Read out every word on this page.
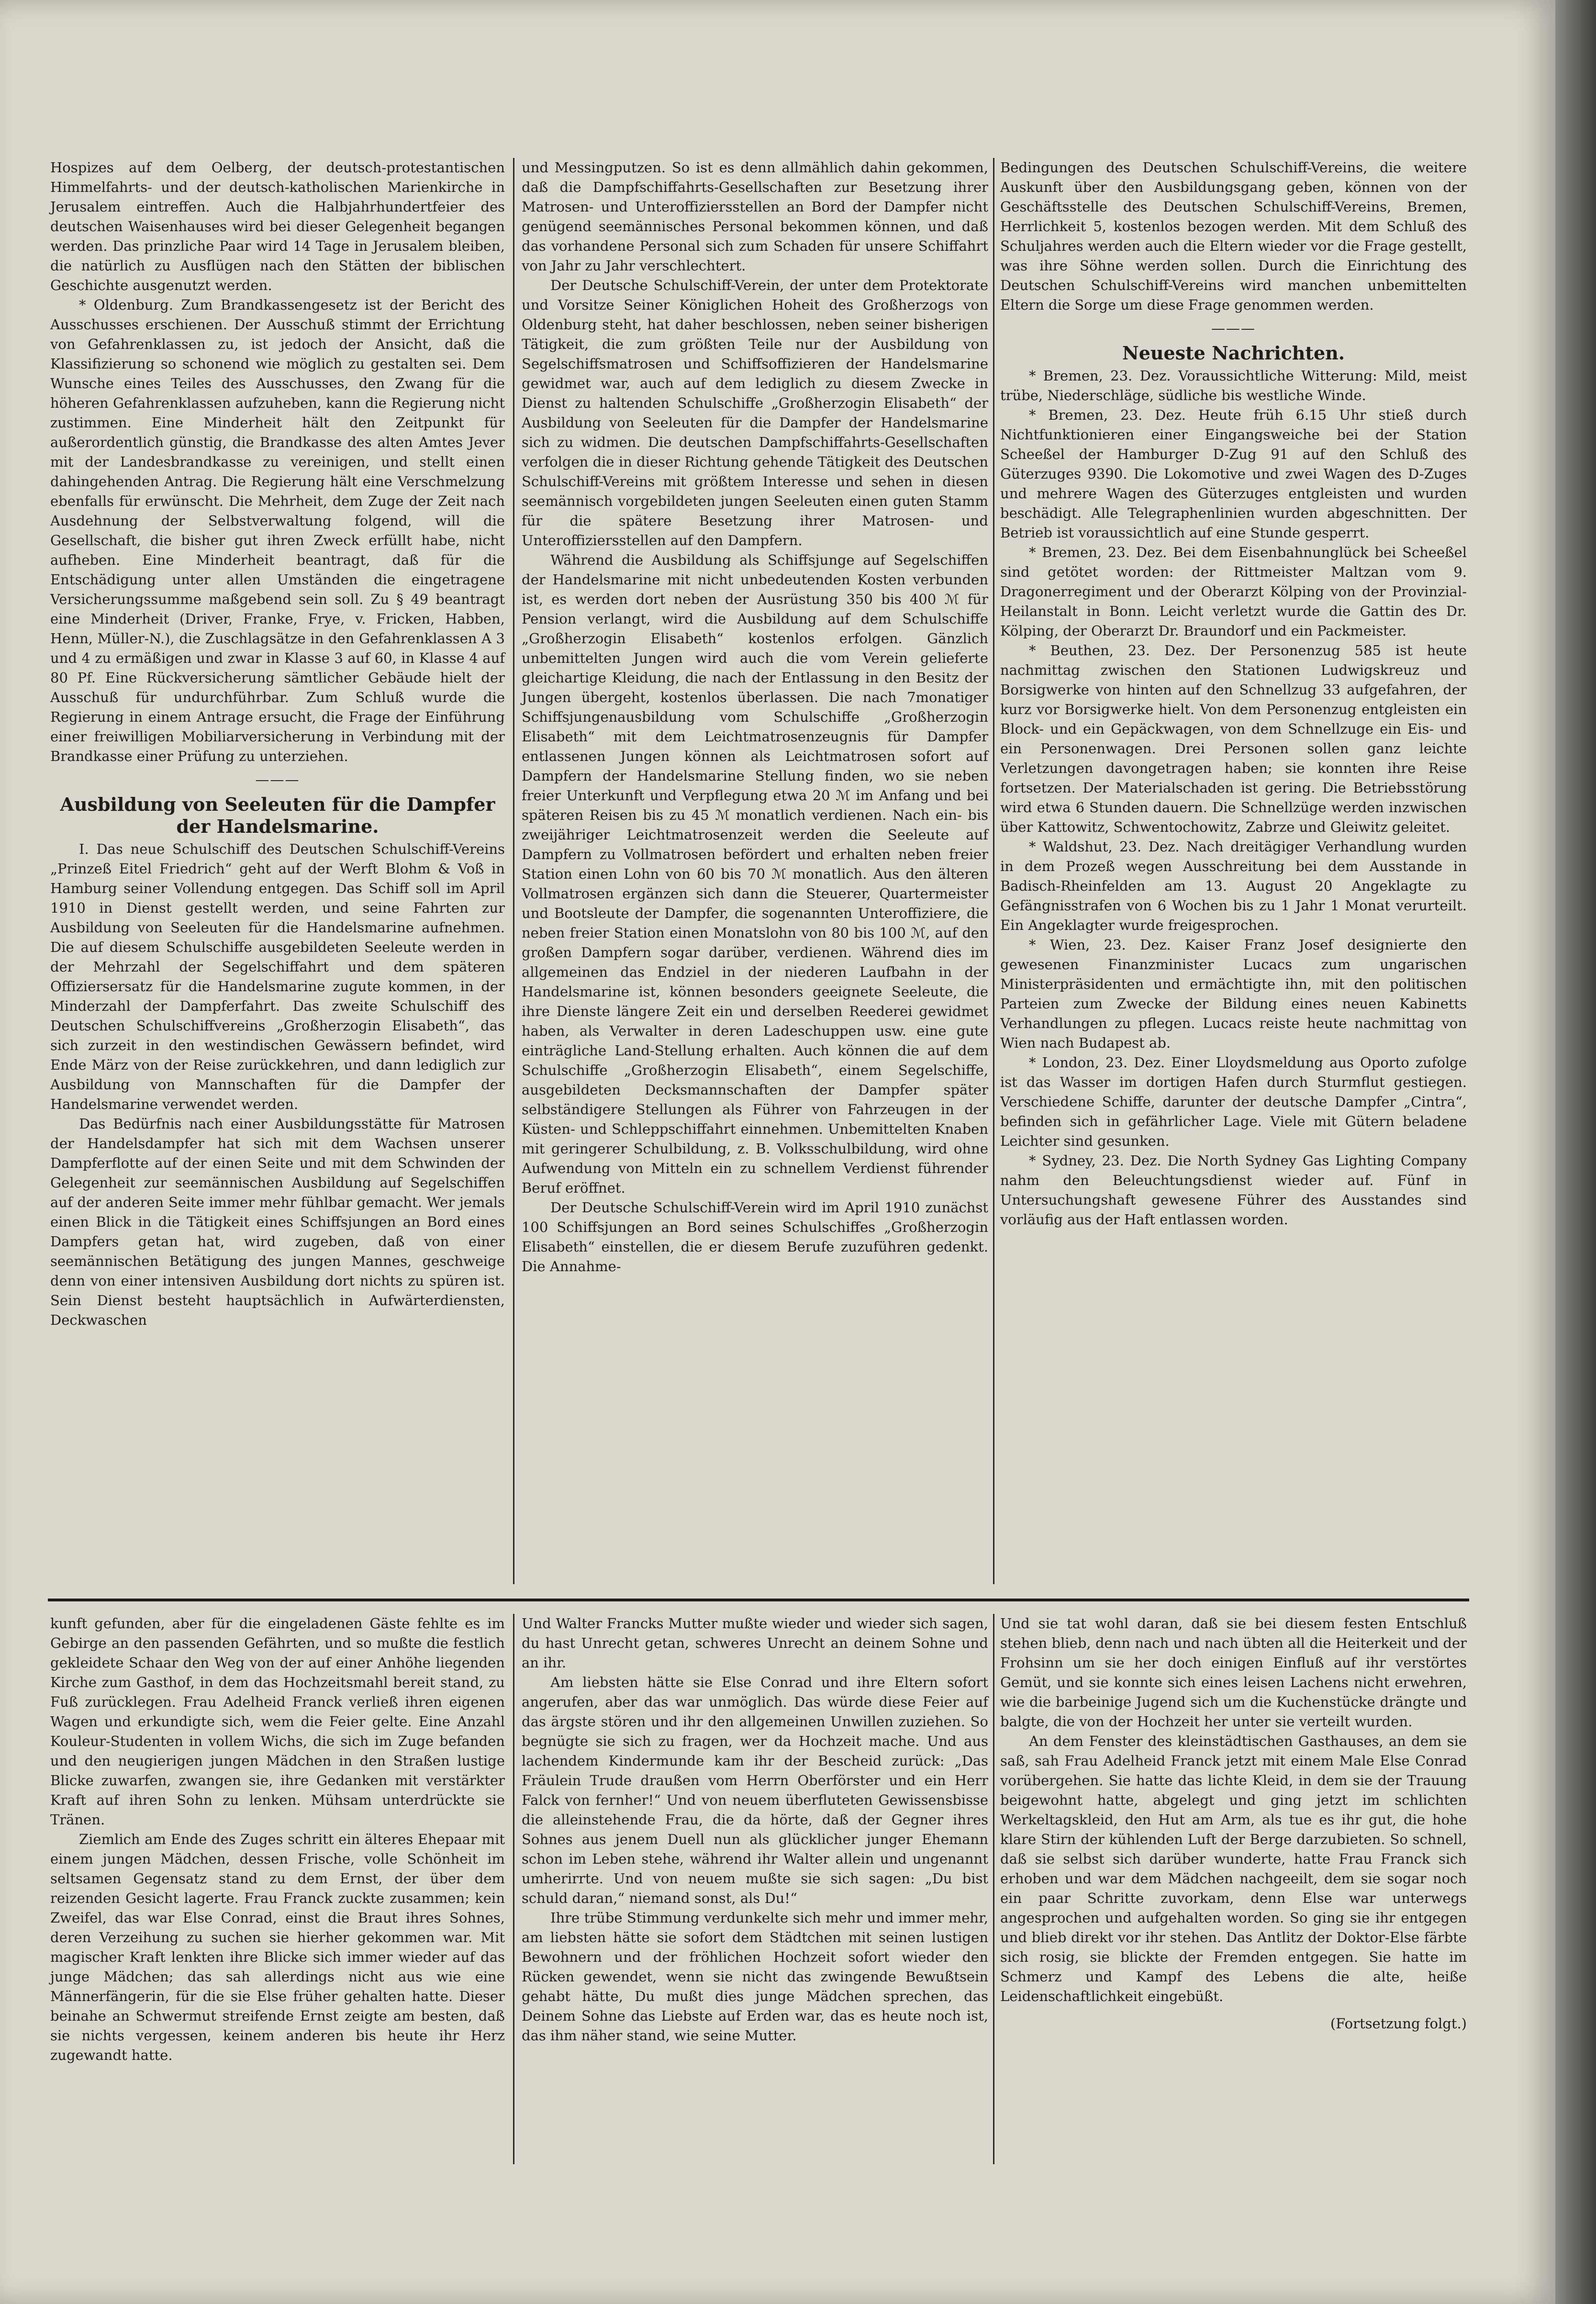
Hospizes auf dem Oelberg, der deutsch-protestantischen Himmelfahrts- und der deutsch-katholischen Marienkirche in Jerusalem eintreffen. Auch die Halbjahrhundertfeier des deutschen Waisenhauses wird bei dieser Gelegenheit begangen werden. Das prinzliche Paar wird 14 Tage in Jerusalem bleiben, die natürlich zu Ausflügen nach den Stätten der biblischen Geschichte ausgenutzt werden.

* Oldenburg. Zum Brandkassengesetz ist der Bericht des Ausschusses erschienen. Der Ausschuß stimmt der Errichtung von Gefahrenklassen zu, ist jedoch der Ansicht, daß die Klassifizierung so schonend wie möglich zu gestalten sei. Dem Wunsche eines Teiles des Ausschusses, den Zwang für die höheren Gefahrenklassen aufzuheben, kann die Regierung nicht zustimmen. Eine Minderheit hält den Zeitpunkt für außerordentlich günstig, die Brandkasse des alten Amtes Jever mit der Landesbrandkasse zu vereinigen, und stellt einen dahingehenden Antrag. Die Regierung hält eine Verschmelzung ebenfalls für erwünscht. Die Mehrheit, dem Zuge der Zeit nach Ausdehnung der Selbstverwaltung folgend, will die Gesellschaft, die bisher gut ihren Zweck erfüllt habe, nicht aufheben. Eine Minderheit beantragt, daß für die Entschädigung unter allen Umständen die eingetragene Versicherungssumme maßgebend sein soll. Zu § 49 beantragt eine Minderheit (Driver, Franke, Frye, v. Fricken, Habben, Henn, Müller-N.), die Zuschlagsätze in den Gefahrenklassen A 3 und 4 zu ermäßigen und zwar in Klasse 3 auf 60, in Klasse 4 auf 80 Pf. Eine Rückversicherung sämtlicher Gebäude hielt der Ausschuß für undurchführbar. Zum Schluß wurde die Regierung in einem Antrage ersucht, die Frage der Einführung einer freiwilligen Mobiliarversicherung in Verbindung mit der Brandkasse einer Prüfung zu unterziehen.

———
Ausbildung von Seeleuten für die Dampfer der Handelsmarine.

I. Das neue Schulschiff des Deutschen Schulschiff-Vereins „Prinzeß Eitel Friedrich“ geht auf der Werft Blohm & Voß in Hamburg seiner Vollendung entgegen. Das Schiff soll im April 1910 in Dienst gestellt werden, und seine Fahrten zur Ausbildung von Seeleuten für die Handelsmarine aufnehmen. Die auf diesem Schulschiffe ausgebildeten Seeleute werden in der Mehrzahl der Segelschiffahrt und dem späteren Offiziersersatz für die Handelsmarine zugute kommen, in der Minderzahl der Dampferfahrt. Das zweite Schulschiff des Deutschen Schulschiffvereins „Großherzogin Elisabeth“, das sich zurzeit in den westindischen Gewässern befindet, wird Ende März von der Reise zurückkehren, und dann lediglich zur Ausbildung von Mannschaften für die Dampfer der Handelsmarine verwendet werden.

Das Bedürfnis nach einer Ausbildungsstätte für Matrosen der Handelsdampfer hat sich mit dem Wachsen unserer Dampferflotte auf der einen Seite und mit dem Schwinden der Gelegenheit zur seemännischen Ausbildung auf Segelschiffen auf der anderen Seite immer mehr fühlbar gemacht. Wer jemals einen Blick in die Tätigkeit eines Schiffsjungen an Bord eines Dampfers getan hat, wird zugeben, daß von einer seemännischen Betätigung des jungen Mannes, geschweige denn von einer intensiven Ausbildung dort nichts zu spüren ist. Sein Dienst besteht hauptsächlich in Aufwärterdiensten, Deckwaschen

und Messingputzen. So ist es denn allmählich dahin gekommen, daß die Dampfschiffahrts-Gesellschaften zur Besetzung ihrer Matrosen- und Unteroffiziersstellen an Bord der Dampfer nicht genügend seemännisches Personal bekommen können, und daß das vorhandene Personal sich zum Schaden für unsere Schiffahrt von Jahr zu Jahr verschlechtert.

Der Deutsche Schulschiff-Verein, der unter dem Protektorate und Vorsitze Seiner Königlichen Hoheit des Großherzogs von Oldenburg steht, hat daher beschlossen, neben seiner bisherigen Tätigkeit, die zum größten Teile nur der Ausbildung von Segelschiffsmatrosen und Schiffsoffizieren der Handelsmarine gewidmet war, auch auf dem lediglich zu diesem Zwecke in Dienst zu haltenden Schulschiffe „Großherzogin Elisabeth“ der Ausbildung von Seeleuten für die Dampfer der Handelsmarine sich zu widmen. Die deutschen Dampfschiffahrts-Gesellschaften verfolgen die in dieser Richtung gehende Tätigkeit des Deutschen Schulschiff-Vereins mit größtem Interesse und sehen in diesen seemännisch vorgebildeten jungen Seeleuten einen guten Stamm für die spätere Besetzung ihrer Matrosen- und Unteroffiziersstellen auf den Dampfern.

Während die Ausbildung als Schiffsjunge auf Segelschiffen der Handelsmarine mit nicht unbedeutenden Kosten verbunden ist, es werden dort neben der Ausrüstung 350 bis 400 ℳ für Pension verlangt, wird die Ausbildung auf dem Schulschiffe „Großherzogin Elisabeth“ kostenlos erfolgen. Gänzlich unbemittelten Jungen wird auch die vom Verein gelieferte gleichartige Kleidung, die nach der Entlassung in den Besitz der Jungen übergeht, kostenlos überlassen. Die nach 7monatiger Schiffsjungenausbildung vom Schulschiffe „Großherzogin Elisabeth“ mit dem Leichtmatrosenzeugnis für Dampfer entlassenen Jungen können als Leichtmatrosen sofort auf Dampfern der Handelsmarine Stellung finden, wo sie neben freier Unterkunft und Verpflegung etwa 20 ℳ im Anfang und bei späteren Reisen bis zu 45 ℳ monatlich verdienen. Nach ein- bis zweijähriger Leichtmatrosenzeit werden die Seeleute auf Dampfern zu Vollmatrosen befördert und erhalten neben freier Station einen Lohn von 60 bis 70 ℳ monatlich. Aus den älteren Vollmatrosen ergänzen sich dann die Steuerer, Quartermeister und Bootsleute der Dampfer, die sogenannten Unteroffiziere, die neben freier Station einen Monatslohn von 80 bis 100 ℳ, auf den großen Dampfern sogar darüber, verdienen. Während dies im allgemeinen das Endziel in der niederen Laufbahn in der Handelsmarine ist, können besonders geeignete Seeleute, die ihre Dienste längere Zeit ein und derselben Reederei gewidmet haben, als Verwalter in deren Ladeschuppen usw. eine gute einträgliche Land-Stellung erhalten. Auch können die auf dem Schulschiffe „Großherzogin Elisabeth“, einem Segelschiffe, ausgebildeten Decksmannschaften der Dampfer später selbständigere Stellungen als Führer von Fahrzeugen in der Küsten- und Schleppschiffahrt einnehmen. Unbemittelten Knaben mit geringerer Schulbildung, z. B. Volksschulbildung, wird ohne Aufwendung von Mitteln ein zu schnellem Verdienst führender Beruf eröffnet.

Der Deutsche Schulschiff-Verein wird im April 1910 zunächst 100 Schiffsjungen an Bord seines Schulschiffes „Großherzogin Elisabeth“ einstellen, die er diesem Berufe zuzuführen gedenkt. Die Annahme-

Bedingungen des Deutschen Schulschiff-Vereins, die weitere Auskunft über den Ausbildungsgang geben, können von der Geschäftsstelle des Deutschen Schulschiff-Vereins, Bremen, Herrlichkeit 5, kostenlos bezogen werden. Mit dem Schluß des Schuljahres werden auch die Eltern wieder vor die Frage gestellt, was ihre Söhne werden sollen. Durch die Einrichtung des Deutschen Schulschiff-Vereins wird manchen unbemittelten Eltern die Sorge um diese Frage genommen werden.

———
Neueste Nachrichten.

* Bremen, 23. Dez. Voraussichtliche Witterung: Mild, meist trübe, Niederschläge, südliche bis westliche Winde.

* Bremen, 23. Dez. Heute früh 6.15 Uhr stieß durch Nichtfunktionieren einer Eingangsweiche bei der Station Scheeßel der Hamburger D-Zug 91 auf den Schluß des Güterzuges 9390. Die Lokomotive und zwei Wagen des D-Zuges und mehrere Wagen des Güterzuges entgleisten und wurden beschädigt. Alle Telegraphenlinien wurden abgeschnitten. Der Betrieb ist voraussichtlich auf eine Stunde gesperrt.

* Bremen, 23. Dez. Bei dem Eisenbahnunglück bei Scheeßel sind getötet worden: der Rittmeister Maltzan vom 9. Dragonerregiment und der Oberarzt Kölping von der Provinzial-Heilanstalt in Bonn. Leicht verletzt wurde die Gattin des Dr. Kölping, der Oberarzt Dr. Braundorf und ein Packmeister.

* Beuthen, 23. Dez. Der Personenzug 585 ist heute nachmittag zwischen den Stationen Ludwigskreuz und Borsigwerke von hinten auf den Schnellzug 33 aufgefahren, der kurz vor Borsigwerke hielt. Von dem Personenzug entgleisten ein Block- und ein Gepäckwagen, von dem Schnellzuge ein Eis- und ein Personenwagen. Drei Personen sollen ganz leichte Verletzungen davongetragen haben; sie konnten ihre Reise fortsetzen. Der Materialschaden ist gering. Die Betriebsstörung wird etwa 6 Stunden dauern. Die Schnellzüge werden inzwischen über Kattowitz, Schwentochowitz, Zabrze und Gleiwitz geleitet.

* Waldshut, 23. Dez. Nach dreitägiger Verhandlung wurden in dem Prozeß wegen Ausschreitung bei dem Ausstande in Badisch-Rheinfelden am 13. August 20 Angeklagte zu Gefängnisstrafen von 6 Wochen bis zu 1 Jahr 1 Monat verurteilt. Ein Angeklagter wurde freigesprochen.

* Wien, 23. Dez. Kaiser Franz Josef designierte den gewesenen Finanzminister Lucacs zum ungarischen Ministerpräsidenten und ermächtigte ihn, mit den politischen Parteien zum Zwecke der Bildung eines neuen Kabinetts Verhandlungen zu pflegen. Lucacs reiste heute nachmittag von Wien nach Budapest ab.

* London, 23. Dez. Einer Lloydsmeldung aus Oporto zufolge ist das Wasser im dortigen Hafen durch Sturmflut gestiegen. Verschiedene Schiffe, darunter der deutsche Dampfer „Cintra“, befinden sich in gefährlicher Lage. Viele mit Gütern beladene Leichter sind gesunken.

* Sydney, 23. Dez. Die North Sydney Gas Lighting Company nahm den Beleuchtungsdienst wieder auf. Fünf in Untersuchungshaft gewesene Führer des Ausstandes sind vorläufig aus der Haft entlassen worden.

kunft gefunden, aber für die eingeladenen Gäste fehlte es im Gebirge an den passenden Gefährten, und so mußte die festlich gekleidete Schaar den Weg von der auf einer Anhöhe liegenden Kirche zum Gasthof, in dem das Hochzeitsmahl bereit stand, zu Fuß zurücklegen. Frau Adelheid Franck verließ ihren eigenen Wagen und erkundigte sich, wem die Feier gelte. Eine Anzahl Kouleur-Studenten in vollem Wichs, die sich im Zuge befanden und den neugierigen jungen Mädchen in den Straßen lustige Blicke zuwarfen, zwangen sie, ihre Gedanken mit verstärkter Kraft auf ihren Sohn zu lenken. Mühsam unterdrückte sie Tränen.

Ziemlich am Ende des Zuges schritt ein älteres Ehepaar mit einem jungen Mädchen, dessen Frische, volle Schönheit im seltsamen Gegensatz stand zu dem Ernst, der über dem reizenden Gesicht lagerte. Frau Franck zuckte zusammen; kein Zweifel, das war Else Conrad, einst die Braut ihres Sohnes, deren Verzeihung zu suchen sie hierher gekommen war. Mit magischer Kraft lenkten ihre Blicke sich immer wieder auf das junge Mädchen; das sah allerdings nicht aus wie eine Männerfängerin, für die sie Else früher gehalten hatte. Dieser beinahe an Schwermut streifende Ernst zeigte am besten, daß sie nichts vergessen, keinem anderen bis heute ihr Herz zugewandt hatte.

Und Walter Francks Mutter mußte wieder und wieder sich sagen, du hast Unrecht getan, schweres Unrecht an deinem Sohne und an ihr.

Am liebsten hätte sie Else Conrad und ihre Eltern sofort angerufen, aber das war unmöglich. Das würde diese Feier auf das ärgste stören und ihr den allgemeinen Unwillen zuziehen. So begnügte sie sich zu fragen, wer da Hochzeit mache. Und aus lachendem Kindermunde kam ihr der Bescheid zurück: „Das Fräulein Trude draußen vom Herrn Oberförster und ein Herr Falck von fernher!“ Und von neuem überfluteten Gewissensbisse die alleinstehende Frau, die da hörte, daß der Gegner ihres Sohnes aus jenem Duell nun als glücklicher junger Ehemann schon im Leben stehe, während ihr Walter allein und ungenannt umherirrte. Und von neuem mußte sie sich sagen: „Du bist schuld daran,“ niemand sonst, als Du!“

Ihre trübe Stimmung verdunkelte sich mehr und immer mehr, am liebsten hätte sie sofort dem Städtchen mit seinen lustigen Bewohnern und der fröhlichen Hochzeit sofort wieder den Rücken gewendet, wenn sie nicht das zwingende Bewußtsein gehabt hätte, Du mußt dies junge Mädchen sprechen, das Deinem Sohne das Liebste auf Erden war, das es heute noch ist, das ihm näher stand, wie seine Mutter.

Und sie tat wohl daran, daß sie bei diesem festen Entschluß stehen blieb, denn nach und nach übten all die Heiterkeit und der Frohsinn um sie her doch einigen Einfluß auf ihr verstörtes Gemüt, und sie konnte sich eines leisen Lachens nicht erwehren, wie die barbeinige Jugend sich um die Kuchenstücke drängte und balgte, die von der Hochzeit her unter sie verteilt wurden.

An dem Fenster des kleinstädtischen Gasthauses, an dem sie saß, sah Frau Adelheid Franck jetzt mit einem Male Else Conrad vorübergehen. Sie hatte das lichte Kleid, in dem sie der Trauung beigewohnt hatte, abgelegt und ging jetzt im schlichten Werkeltagskleid, den Hut am Arm, als tue es ihr gut, die hohe klare Stirn der kühlenden Luft der Berge darzubieten. So schnell, daß sie selbst sich darüber wunderte, hatte Frau Franck sich erhoben und war dem Mädchen nachgeeilt, dem sie sogar noch ein paar Schritte zuvorkam, denn Else war unterwegs angesprochen und aufgehalten worden. So ging sie ihr entgegen und blieb direkt vor ihr stehen. Das Antlitz der Doktor-Else färbte sich rosig, sie blickte der Fremden entgegen. Sie hatte im Schmerz und Kampf des Lebens die alte, heiße Leidenschaftlichkeit eingebüßt.

(Fortsetzung folgt.)
